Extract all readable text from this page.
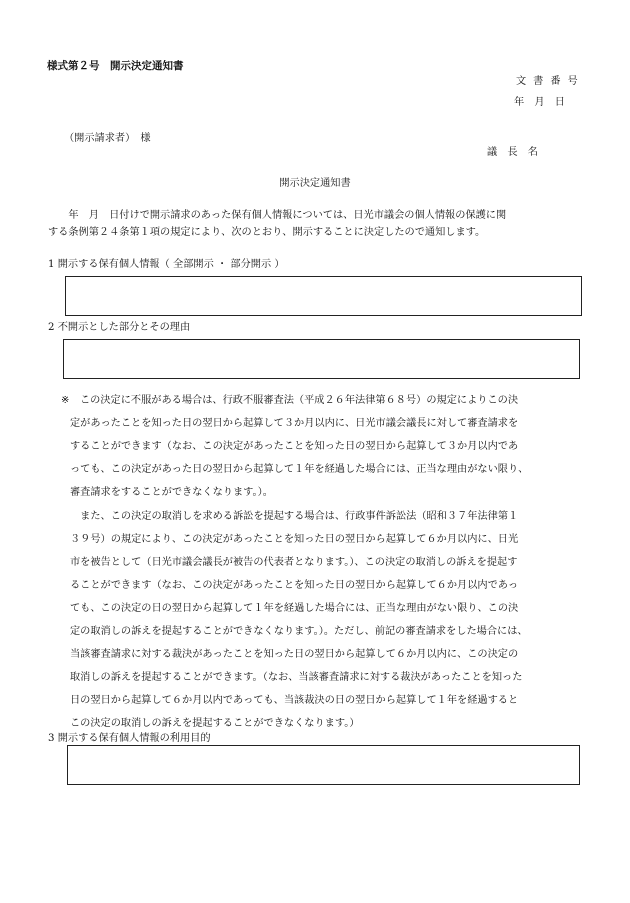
様式第２号　開示決定通知書
文書番号
年　月　日
（開示請求者）　様
議　長　名
開示決定通知書
　　年　月　日付けで開示請求のあった保有個人情報については、日光市議会の個人情報の保護に関
する条例第２４条第１項の規定により、次のとおり、開示することに決定したので通知します。
1 開示する保有個人情報（ 全部開示 ・ 部分開示 ）
2 不開示とした部分とその理由
※ この決定に不服がある場合は、行政不服審査法（平成２６年法律第６８号）の規定によりこの決
定があったことを知った日の翌日から起算して３か月以内に、日光市議会議長に対して審査請求を
することができます（なお、この決定があったことを知った日の翌日から起算して３か月以内であ
っても、この決定があった日の翌日から起算して１年を経過した場合には、正当な理由がない限り、
審査請求をすることができなくなります。）。
　また、この決定の取消しを求める訴訟を提起する場合は、行政事件訴訟法（昭和３７年法律第１
３９号）の規定により、この決定があったことを知った日の翌日から起算して６か月以内に、日光
市を被告として（日光市議会議長が被告の代表者となります。）、この決定の取消しの訴えを提起す
ることができます（なお、この決定があったことを知った日の翌日から起算して６か月以内であっ
ても、この決定の日の翌日から起算して１年を経過した場合には、正当な理由がない限り、この決
定の取消しの訴えを提起することができなくなります。）。ただし、前記の審査請求をした場合には、
当該審査請求に対する裁決があったことを知った日の翌日から起算して６か月以内に、この決定の
取消しの訴えを提起することができます。（なお、当該審査請求に対する裁決があったことを知った
日の翌日から起算して６か月以内であっても、当該裁決の日の翌日から起算して１年を経過すると
この決定の取消しの訴えを提起することができなくなります。）
3 開示する保有個人情報の利用目的
